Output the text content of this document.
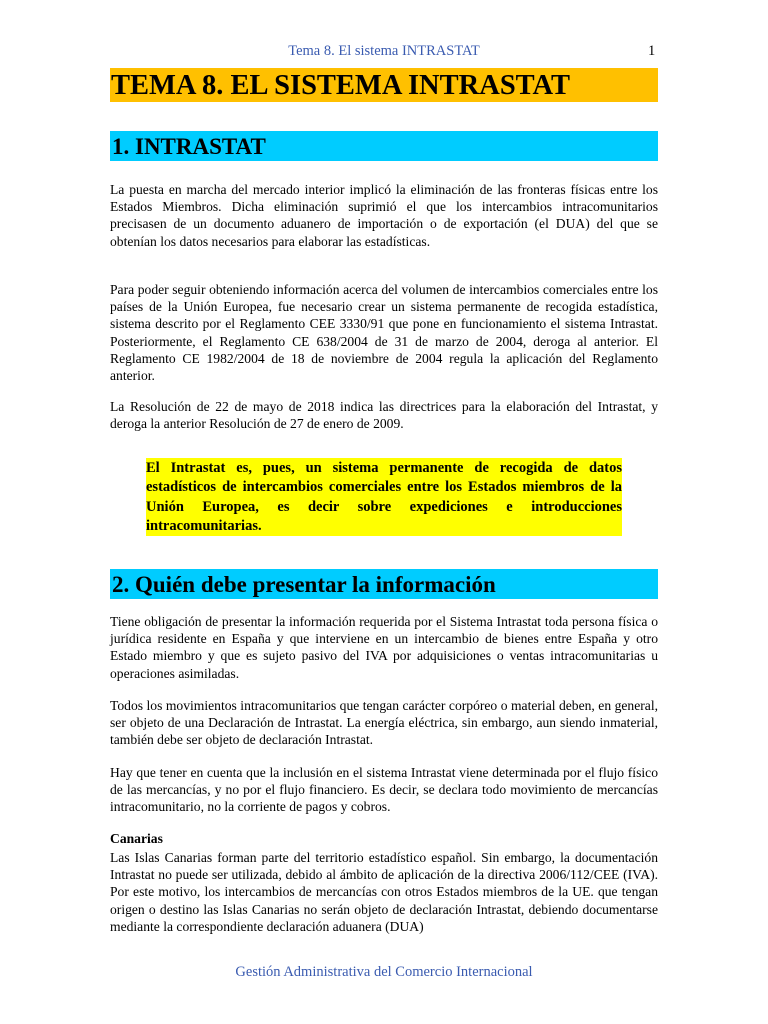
Tema 8. El sistema INTRASTAT	1
TEMA 8. EL SISTEMA INTRASTAT
1. INTRASTAT

La puesta en marcha del mercado interior implicó la eliminación de las fronteras físicas entre los Estados Miembros. Dicha eliminación suprimió el que los intercambios intracomunitarios precisasen de un documento aduanero de importación o de exportación (el DUA) del que se obtenían los datos necesarios para elaborar las estadísticas.

Para poder seguir obteniendo información acerca del volumen de intercambios comerciales entre los países de la Unión Europea, fue necesario crear un sistema permanente de recogida estadística, sistema descrito por el Reglamento CEE 3330/91 que pone en funcionamiento el sistema Intrastat. Posteriormente, el Reglamento CE 638/2004 de 31 de marzo de 2004, deroga al anterior. El Reglamento CE 1982/2004 de 18 de noviembre de 2004 regula la aplicación del Reglamento anterior.

La Resolución de 22 de mayo de 2018 indica las directrices para la elaboración del Intrastat, y deroga la anterior Resolución de 27 de enero de 2009.

El Intrastat es, pues, un sistema permanente de recogida de datos estadísticos de intercambios comerciales entre los Estados miembros de la Unión Europea, es decir sobre expediciones e introducciones intracomunitarias.
2. Quién debe presentar la información

Tiene obligación de presentar la información requerida por el Sistema Intrastat toda persona física o jurídica residente en España y que interviene en un intercambio de bienes entre España y otro Estado miembro y que es sujeto pasivo del IVA por adquisiciones o ventas intracomunitarias u operaciones asimiladas.

Todos los movimientos intracomunitarios que tengan carácter corpóreo o material deben, en general, ser objeto de una Declaración de Intrastat. La energía eléctrica, sin embargo, aun siendo inmaterial, también debe ser objeto de declaración Intrastat.

Hay que tener en cuenta que la inclusión en el sistema Intrastat viene determinada por el flujo físico de las mercancías, y no por el flujo financiero. Es decir, se declara todo movimiento de mercancías intracomunitario, no la corriente de pagos y cobros.

Canarias

Las Islas Canarias forman parte del territorio estadístico español. Sin embargo, la documentación Intrastat no puede ser utilizada, debido al ámbito de aplicación de la directiva 2006/112/CEE (IVA). Por este motivo, los intercambios de mercancías con otros Estados miembros de la UE. que tengan origen o destino las Islas Canarias no serán objeto de declaración Intrastat, debiendo documentarse mediante la correspondiente declaración aduanera (DUA)

Gestión Administrativa del Comercio Internacional
